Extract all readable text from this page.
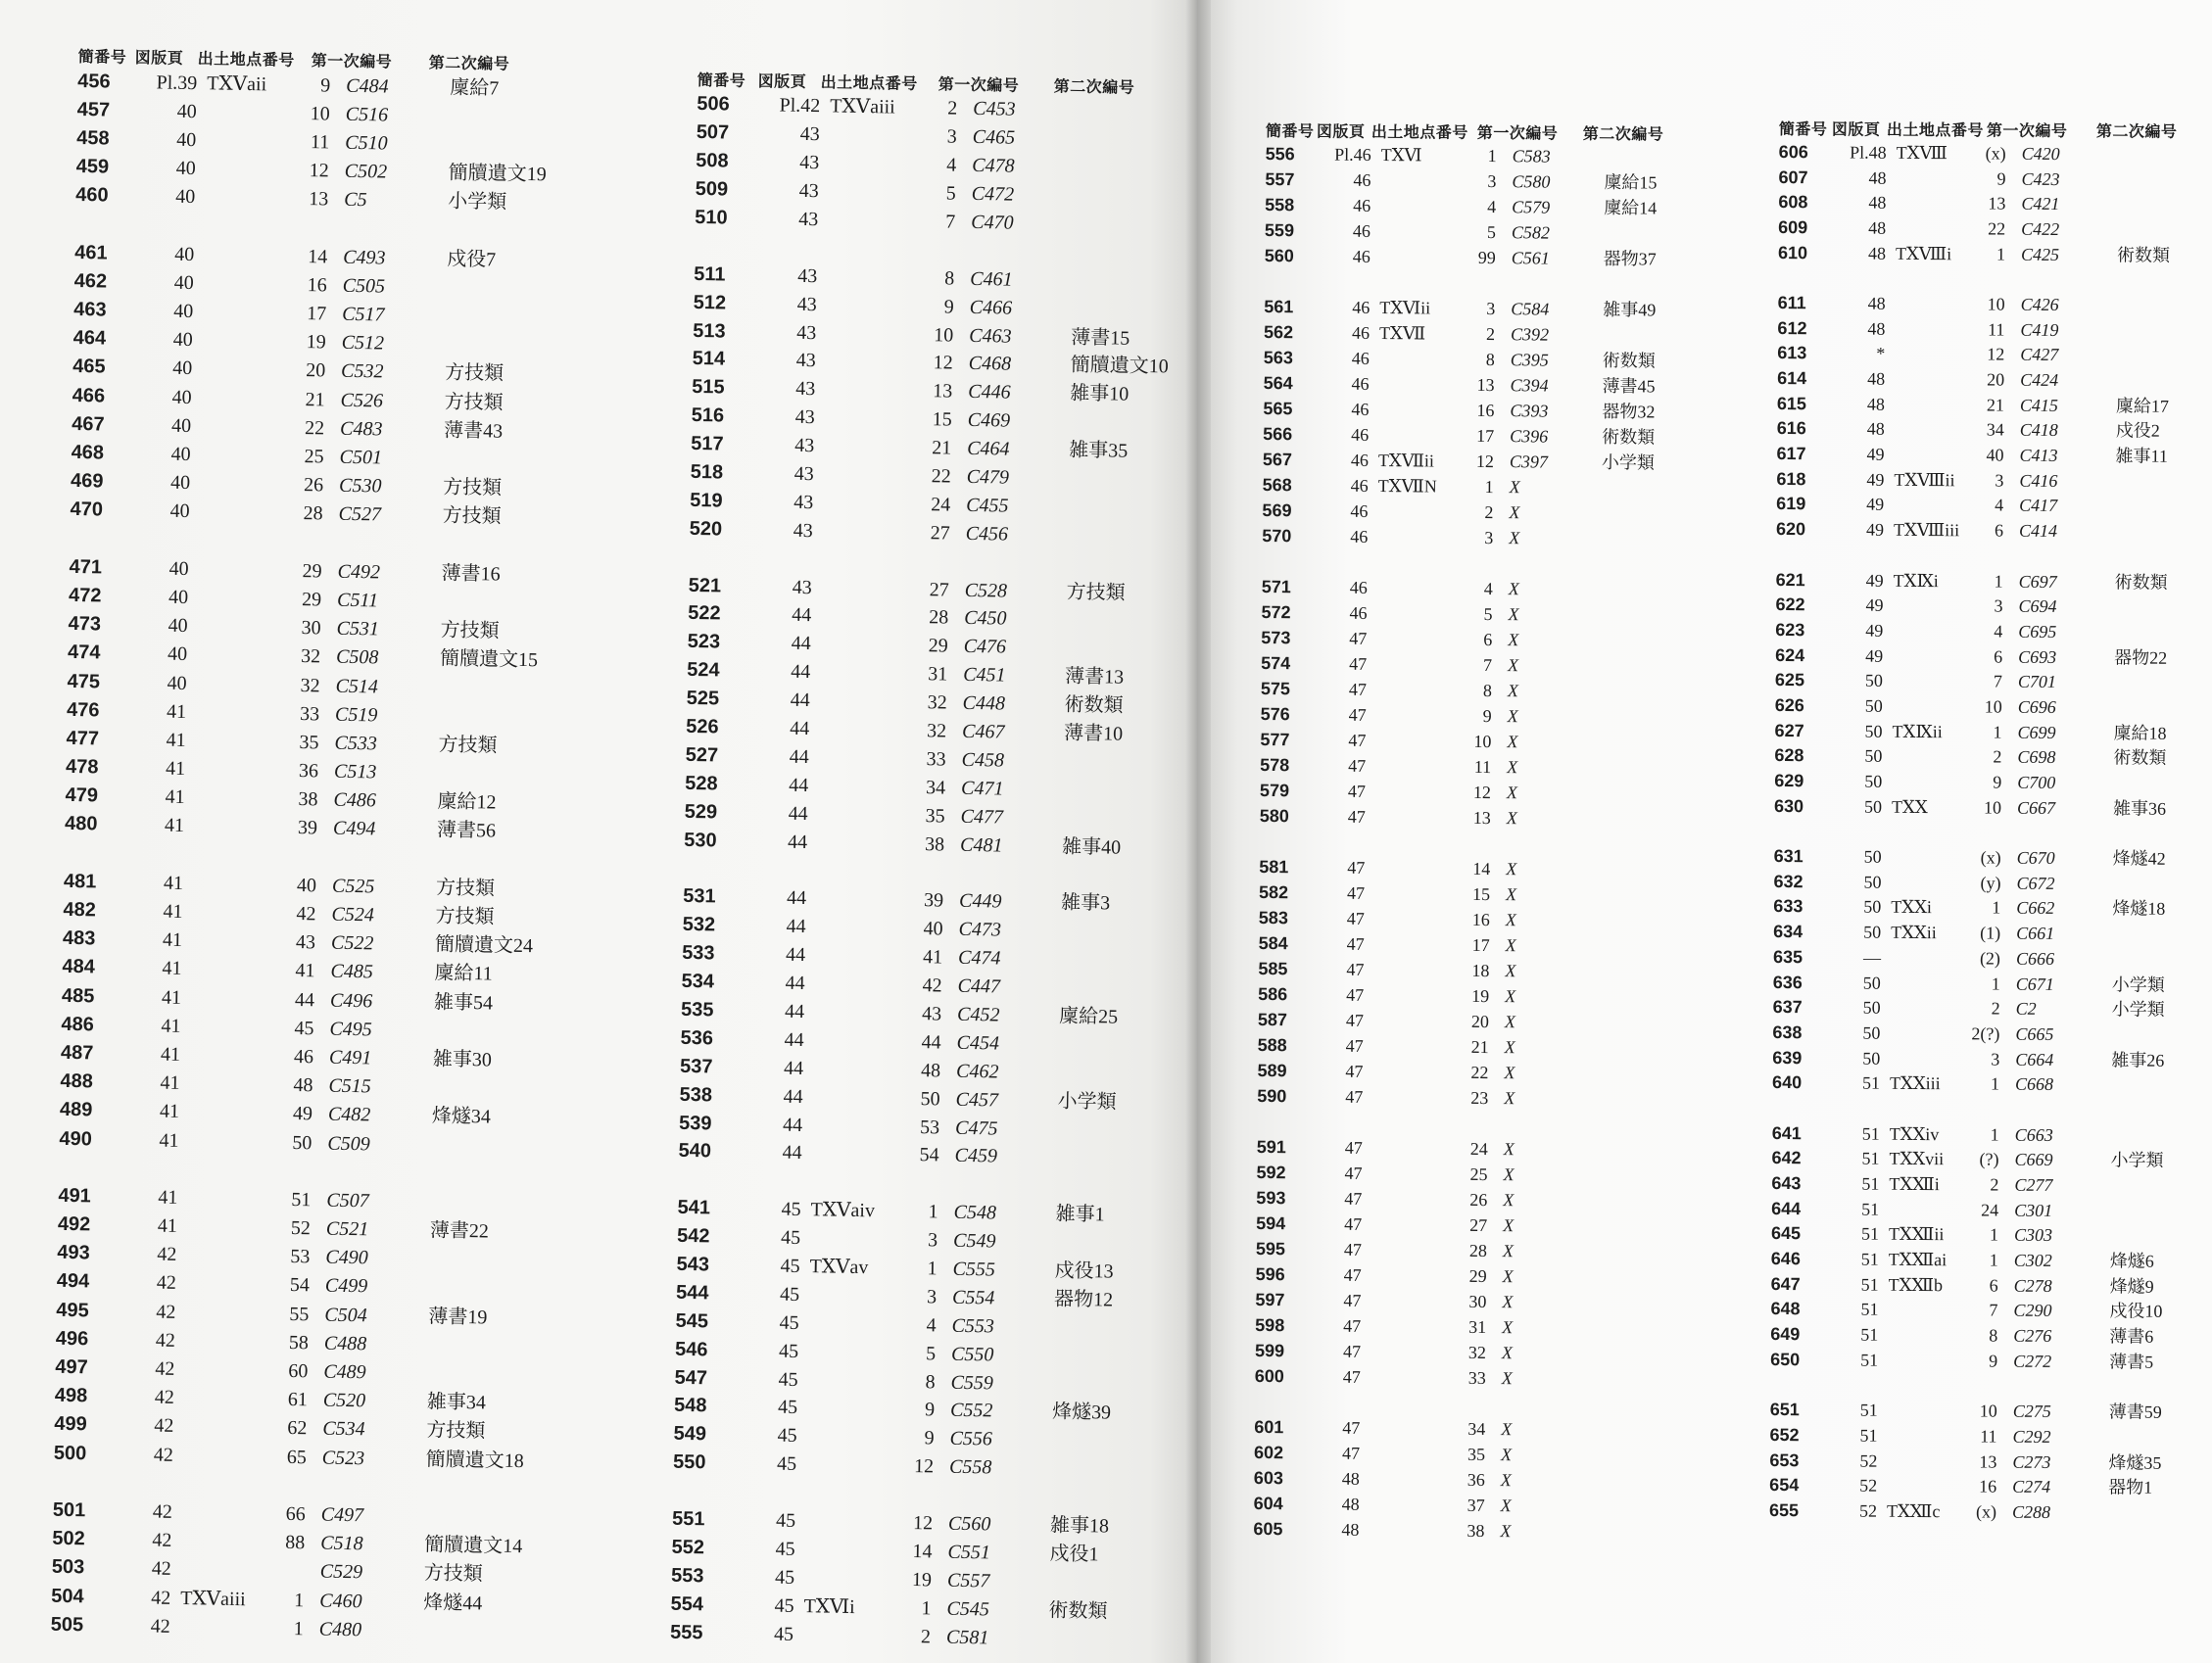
簡番号 図版頁 出土地点番号	第一次編号	第二次編号
456	Pl.39 TⅩⅤaii	9 C484	廩給7
457	40	10 C516
458	40	11 C510
459	40	12 C502	簡牘遺文19
460	40	13 C5	小学類
461	40	14 C493	戍役7
462	40	16 C505
463	40	17 C517
464	40	19 C512
465	40	20 C532	方技類
466	40	21 C526	方技類
467	40	22 C483	薄書43
468	40	25 C501
469	40	26 C530	方技類
470	40	28 C527	方技類
471	40	29 C492	薄書16
472	40	29 C511
473	40	30 C531	方技類
474	40	32 C508	簡牘遺文15
475	40	32 C514
476	41	33 C519
477	41	35 C533	方技類
478	41	36 C513
479	41	38 C486	廩給12
480	41	39 C494	薄書56
481	41	40 C525	方技類
482	41	42 C524	方技類
483	41	43 C522	簡牘遺文24
484	41	41 C485	廩給11
485	41	44 C496	雑事54
486	41	45 C495
487	41	46 C491	雑事30
488	41	48 C515
489	41	49 C482	烽燧34
490	41	50 C509
491	41	51 C507
492	41	52 C521	薄書22
493	42	53 C490
494	42	54 C499
495	42	55 C504	薄書19
496	42	58 C488
497	42	60 C489
498	42	61 C520	雑事34
499	42	62 C534	方技類
500	42	65 C523	簡牘遺文18
501	42	66 C497
502	42	88 C518	簡牘遺文14
503	42	C529	方技類
504	42 TⅩⅤaiii	1 C460	烽燧44
505	42	1 C480
簡番号 図版頁 出土地点番号	第一次編号	第二次編号
506	Pl.42 TⅩⅤaiii	2 C453
507	43	3 C465
508	43	4 C478
509	43	5 C472
510	43	7 C470
511	43	8 C461
512	43	9 C466
513	43	10 C463	薄書15
514	43	12 C468	簡牘遺文10
515	43	13 C446	雑事10
516	43	15 C469
517	43	21 C464	雑事35
518	43	22 C479
519	43	24 C455
520	43	27 C456
521	43	27 C528	方技類
522	44	28 C450
523	44	29 C476
524	44	31 C451	薄書13
525	44	32 C448	術数類
526	44	32 C467	薄書10
527	44	33 C458
528	44	34 C471
529	44	35 C477
530	44	38 C481	雑事40
531	44	39 C449	雑事3
532	44	40 C473
533	44	41 C474
534	44	42 C447
535	44	43 C452	廩給25
536	44	44 C454
537	44	48 C462
538	44	50 C457	小学類
539	44	53 C475
540	44	54 C459
541	45 TⅩⅤaiv	1 C548	雑事1
542	45	3 C549
543	45 TⅩⅤav	1 C555	戍役13
544	45	3 C554	器物12
545	45	4 C553
546	45	5 C550
547	45	8 C559
548	45	9 C552	烽燧39
549	45	9 C556
550	45	12 C558
551	45	12 C560	雑事18
552	45	14 C551	戍役1
553	45	19 C557
554	45 TⅩⅥi	1 C545	術数類
555	45	2 C581
簡番号 図版頁 出土地点番号 第一次編号	第二次編号
556	Pl.46 TⅩⅥ	1 C583
557	46	3 C580	廩給15
558	46	4 C579	廩給14
559	46	5 C582
560	46	99 C561	器物37
561	46 TⅩⅥii	3 C584	雑事49
562	46 TⅩⅦ	2 C392
563	46	8 C395	術数類
564	46	13 C394	薄書45
565	46	16 C393	器物32
566	46	17 C396	術数類
567	46 TⅩⅦii	12 C397	小学類
568	46 TⅩⅦN	1 X
569	46	2 X
570	46	3 X
571	46	4 X
572	46	5 X
573	47	6 X
574	47	7 X
575	47	8 X
576	47	9 X
577	47	10 X
578	47	11 X
579	47	12 X
580	47	13 X
581	47	14 X
582	47	15 X
583	47	16 X
584	47	17 X
585	47	18 X
586	47	19 X
587	47	20 X
588	47	21 X
589	47	22 X
590	47	23 X
591	47	24 X
592	47	25 X
593	47	26 X
594	47	27 X
595	47	28 X
596	47	29 X
597	47	30 X
598	47	31 X
599	47	32 X
600	47	33 X
601	47	34 X
602	47	35 X
603	48	36 X
604	48	37 X
605	48	38 X
簡番号 図版頁 出土地点番号 第一次編号	第二次編号
606	Pl.48 TⅩⅧ	(x) C420
607	48	9 C423
608	48	13 C421
609	48	22 C422
610	48 TⅩⅧi	1 C425	術数類
611	48	10 C426
612	48	11 C419
613	*	12 C427
614	48	20 C424
615	48	21 C415	廩給17
616	48	34 C418	戍役2
617	49	40 C413	雑事11
618	49 TⅩⅧii	3 C416
619	49	4 C417
620	49 TⅩⅧiii	6 C414
621	49 TⅩⅨi	1 C697	術数類
622	49	3 C694
623	49	4 C695
624	49	6 C693	器物22
625	50	7 C701
626	50	10 C696
627	50 TⅩⅨii	1 C699	廩給18
628	50	2 C698	術数類
629	50	9 C700
630	50 TⅩⅩ	10 C667	雑事36
631	50	(x) C670	烽燧42
632	50	(y) C672
633	50 TⅩⅩi	1 C662	烽燧18
634	50 TⅩⅩii	(1) C661
635	—	(2) C666
636	50	1 C671	小学類
637	50	2 C2	小学類
638	50	2(?) C665
639	50	3 C664	雑事26
640	51 TⅩⅩiii	1 C668
641	51 TⅩⅩiv	1 C663
642	51 TⅩⅩvii	(?) C669	小学類
643	51 TⅩⅫi	2 C277
644	51	24 C301
645	51 TⅩⅫii	1 C303
646	51 TⅩⅫai	1 C302	烽燧6
647	51 TⅩⅫb	6 C278	烽燧9
648	51	7 C290	戍役10
649	51	8 C276	薄書6
650	51	9 C272	薄書5
651	51	10 C275	薄書59
652	51	11 C292
653	52	13 C273	烽燧35
654	52	16 C274	器物1
655	52 TⅩⅫc	(x) C288
